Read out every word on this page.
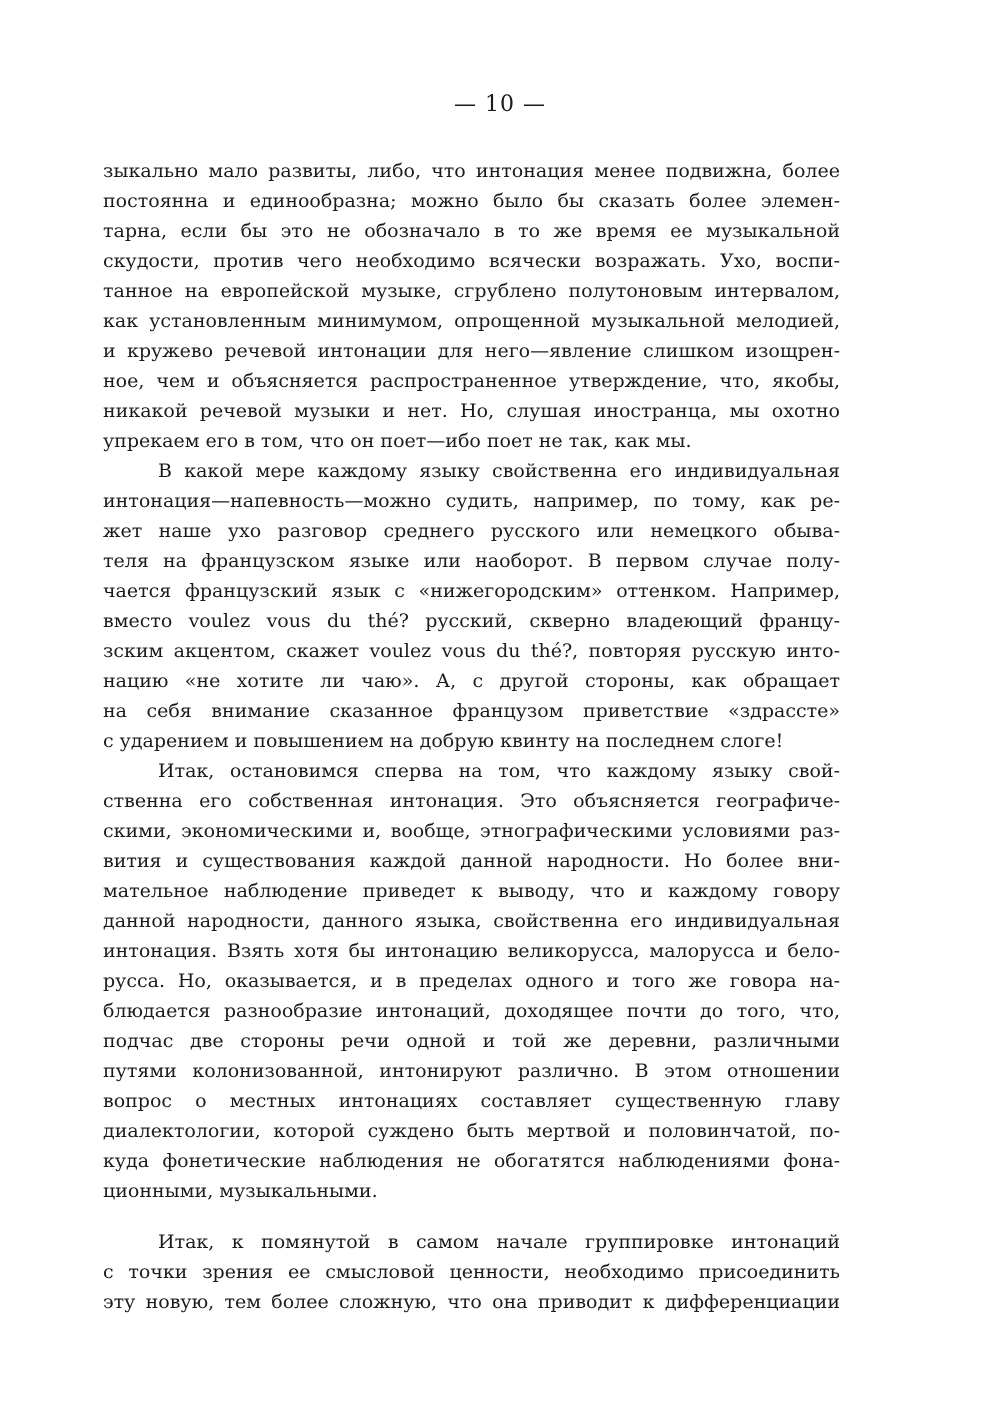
— 10 —
зыкально мало развиты, либо, что интонация менее подвижна, более
постоянна и единообразна; можно было бы сказать более элемен-
тарна, если бы это не обозначало в то же время ее музыкальной
скудости, против чего необходимо всячески возражать. Ухо, воспи-
танное на европейской музыке, сгрублено полутоновым интервалом,
как установленным минимумом, опрощенной музыкальной мелодией,
и кружево речевой интонации для него—явление слишком изощрен-
ное, чем и объясняется распространенное утверждение, что, якобы,
никакой речевой музыки и нет. Но, слушая иностранца, мы охотно
упрекаем его в том, что он поет—ибо поет не так, как мы.
В какой мере каждому языку свойственна его индивидуальная
интонация—напевность—можно судить, например, по тому, как ре-
жет наше ухо разговор среднего русского или немецкого обыва-
теля на французском языке или наоборот. В первом случае полу-
чается французский язык с «нижегородским» оттенком. Например,
вместо voulez vous du thé? русский, скверно владеющий францу-
зским акцентом, скажет voulez vous du thé?, повторяя русскую инто-
нацию «не хотите ли чаю». А, с другой стороны, как обращает
на себя внимание сказанное французом приветствие «здрассте»
с ударением и повышением на добрую квинту на последнем слоге!
Итак, остановимся сперва на том, что каждому языку свой-
ственна его собственная интонация. Это объясняется географиче-
скими, экономическими и, вообще, этнографическими условиями раз-
вития и существования каждой данной народности. Но более вни-
мательное наблюдение приведет к выводу, что и каждому говору
данной народности, данного языка, свойственна его индивидуальная
интонация. Взять хотя бы интонацию великорусса, малоруссa и бело-
русса. Но, оказывается, и в пределах одного и того же говора на-
блюдается разнообразие интонаций, доходящее почти до того, что,
подчас две стороны речи одной и той же деревни, различными
путями колонизованной, интонируют различно. В этом отношении
вопрос о местных интонациях составляет существенную главу
диалектологии, которой суждено быть мертвой и половинчатой, по-
куда фонетические наблюдения не обогатятся наблюдениями фона-
ционными, музыкальными.
Итак, к помянутой в самом начале группировке интонаций
с точки зрения ее смысловой ценности, необходимо присоединить
эту новую, тем более сложную, что она приводит к дифференциации
